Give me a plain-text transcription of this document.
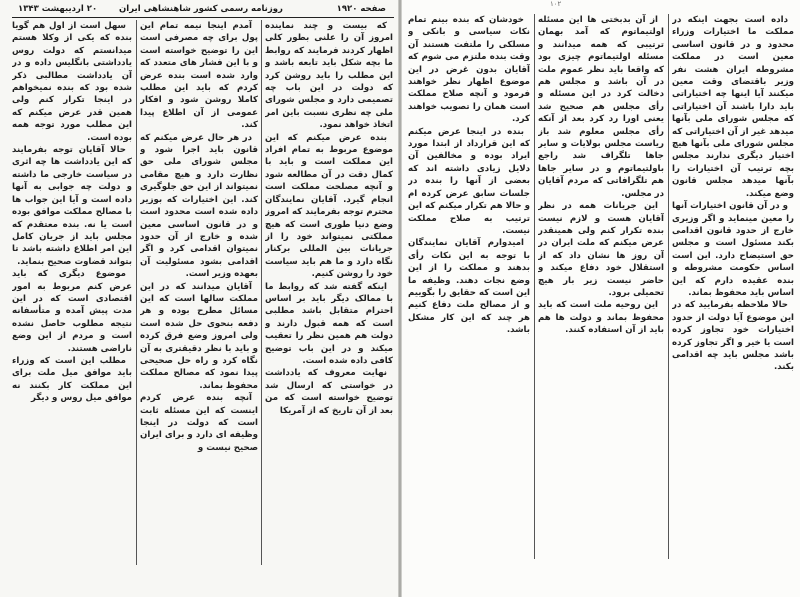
صفحه ۱۹۲۰
روزنامه رسمی کشور شاهنشاهی ایران
۲۰ اردیبهشت ۱۳۴۳

سهل است از اول هم گویا بنده که یکی از وکلا هستم میدانستم که دولت روس یادداشتی بانگلیس داده و در آن یادداشت مطالبی ذکر شده بود که بنده نمیخواهم در اینجا تکرار کنم ولی همین قدر عرض میکنم که این مطلب مورد توجه همه بوده است.

حالا آقایان توجه بفرمایند که این یادداشت ها چه اثری در سیاست خارجی ما داشته و دولت چه جوابی به آنها داده است و آیا این جواب ها با مصالح مملکت موافق بوده است یا نه. بنده معتقدم که مجلس باید از جریان کامل این امر اطلاع داشته باشد تا بتواند قضاوت صحیح بنماید.

موضوع دیگری که باید عرض کنم مربوط به امور اقتصادی است که در این مدت پیش آمده و متأسفانه نتیجه مطلوب حاصل نشده است و مردم از این وضع ناراضی هستند.

مطلب این است که وزراء باید موافق میل ملت برای این مملکت کار بکنند نه موافق میل روس و دیگر

آمدم اینجا نیمه تمام این پول برای چه مصرفی است این را توضیح خواسته است و با این فشار های متعدد که وارد شده است بنده عرض کردم که باید این مطلب کاملا روشن شود و افکار عمومی از آن اطلاع پیدا کند.

در هر حال عرض میکنم که قانون باید اجرا شود و مجلس شورای ملی حق نظارت دارد و هیچ مقامی نمیتواند از این حق جلوگیری کند. این اختیارات که بوزیر داده شده است محدود است و در قانون اساسی معین شده و خارج از آن حدود نمیتوان اقدامی کرد و اگر اقدامی بشود مسئولیت آن بعهده وزیر است.

آقایان میدانند که در این مملکت سالها است که این مسائل مطرح بوده و هر دفعه بنحوی حل شده است ولی امروز وضع فرق کرده و باید با نظر دقیقتری به آن نگاه کرد و راه حل صحیحی پیدا نمود که مصالح مملکت محفوظ بماند.

آنچه بنده عرض کردم اینست که این مسئله ثابت است که دولت در اینجا وظیفه ای دارد و برای ایران صحیح نیست و

که بیست و چند نماینده امروز آن را علنی بطور کلی اظهار کردند فرمایند که روابط ما بچه شکل باید تابعه باشد و این مطلب را باید روشن کرد که دولت در این باب چه تصمیمی دارد و مجلس شورای ملی چه نظری نسبت باین امر اتخاذ خواهد نمود.

بنده عرض میکنم که این موضوع مربوط به تمام افراد این مملکت است و باید با کمال دقت در آن مطالعه شود و آنچه مصلحت مملکت است انجام گیرد. آقایان نمایندگان محترم توجه بفرمایند که امروز وضع دنیا طوری است که هیچ مملکتی نمیتواند خود را از جریانات بین المللی برکنار نگاه دارد و ما هم باید سیاست خود را روشن کنیم.

اینکه گفته شد که روابط ما با ممالک دیگر باید بر اساس احترام متقابل باشد مطلبی است که همه قبول دارند و دولت هم همین نظر را تعقیب میکند و در این باب توضیح کافی داده شده است.

نهایت معروف که یادداشت در خواستی که ارسال شد توضیح خواسته است که من بعد از آن تاریخ که از آمریکا

۱۰۲

خودشان که بنده بینم تمام نکات سیاسی و بانکی و مسلکی را ملتفت هستند آن وقت بنده ملتزم می شوم که آقایان بدون غرض در این موضوع اظهار نظر خواهند فرمود و آنچه صلاح مملکت است همان را تصویب خواهند کرد.

بنده در اینجا عرض میکنم که این قرارداد از ابتدا مورد ایراد بوده و مخالفین آن دلایل زیادی داشته اند که بعضی از آنها را بنده در جلسات سابق عرض کرده ام و حالا هم تکرار میکنم که این ترتیب به صلاح مملکت نیست.

امیدوارم آقایان نمایندگان با توجه به این نکات رأی بدهند و مملکت را از این وضع نجات دهند. وظیفه ما این است که حقایق را بگوییم و از مصالح ملت دفاع کنیم هر چند که این کار مشکل باشد.

از آن بدبختی ها این مسئله اولتیماتوم که آمد بهمان ترتیبی که همه میدانند و مسئله اولتیماتوم چیزی بود که واقعا باید نظر عموم ملت در آن باشد و مجلس هم دخالت کرد در این مسئله و رأی مجلس هم صحیح شد یعنی اورا رد کرد بعد از آنکه رأی مجلس معلوم شد باز ریاست مجلس بولایات و سایر جاها تلگراف شد راجع باولتیماتوم و در سایر جاها هم تلگرافاتی که مردم آقایان در مجلس.

این جریانات همه در نظر آقایان هست و لازم نیست بنده تکرار کنم ولی همینقدر عرض میکنم که ملت ایران در آن روز ها نشان داد که از استقلال خود دفاع میکند و حاضر نیست زیر بار هیچ تحمیلی برود.

این روحیه ملت است که باید محفوظ بماند و دولت ها هم باید از آن استفاده کنند.

داده است بجهت اینکه در مملکت ما اختیارات وزراء محدود و در قانون اساسی معین است در مملکت مشروطه ایران هشت نفر وزیر باقتضای وقت معین میکنند آیا اینها چه اختیاراتی باید دارا باشند آن اختیاراتی که مجلس شورای ملی بآنها میدهد غیر از آن اختیاراتی که مجلس شورای ملی بآنها هیچ اختیار دیگری ندارند مجلس بچه ترتیب آن اختیارات را بآنها میدهد مجلس قانون وضع میکند.

و در آن قانون اختیارات آنها را معین مینماید و اگر وزیری خارج از حدود قانون اقدامی بکند مسئول است و مجلس حق استیضاح دارد. این است اساس حکومت مشروطه و بنده عقیده دارم که این اساس باید محفوظ بماند.

حالا ملاحظه بفرمایید که در این موضوع آیا دولت از حدود اختیارات خود تجاوز کرده است یا خیر و اگر تجاوز کرده باشد مجلس باید چه اقدامی بکند.
